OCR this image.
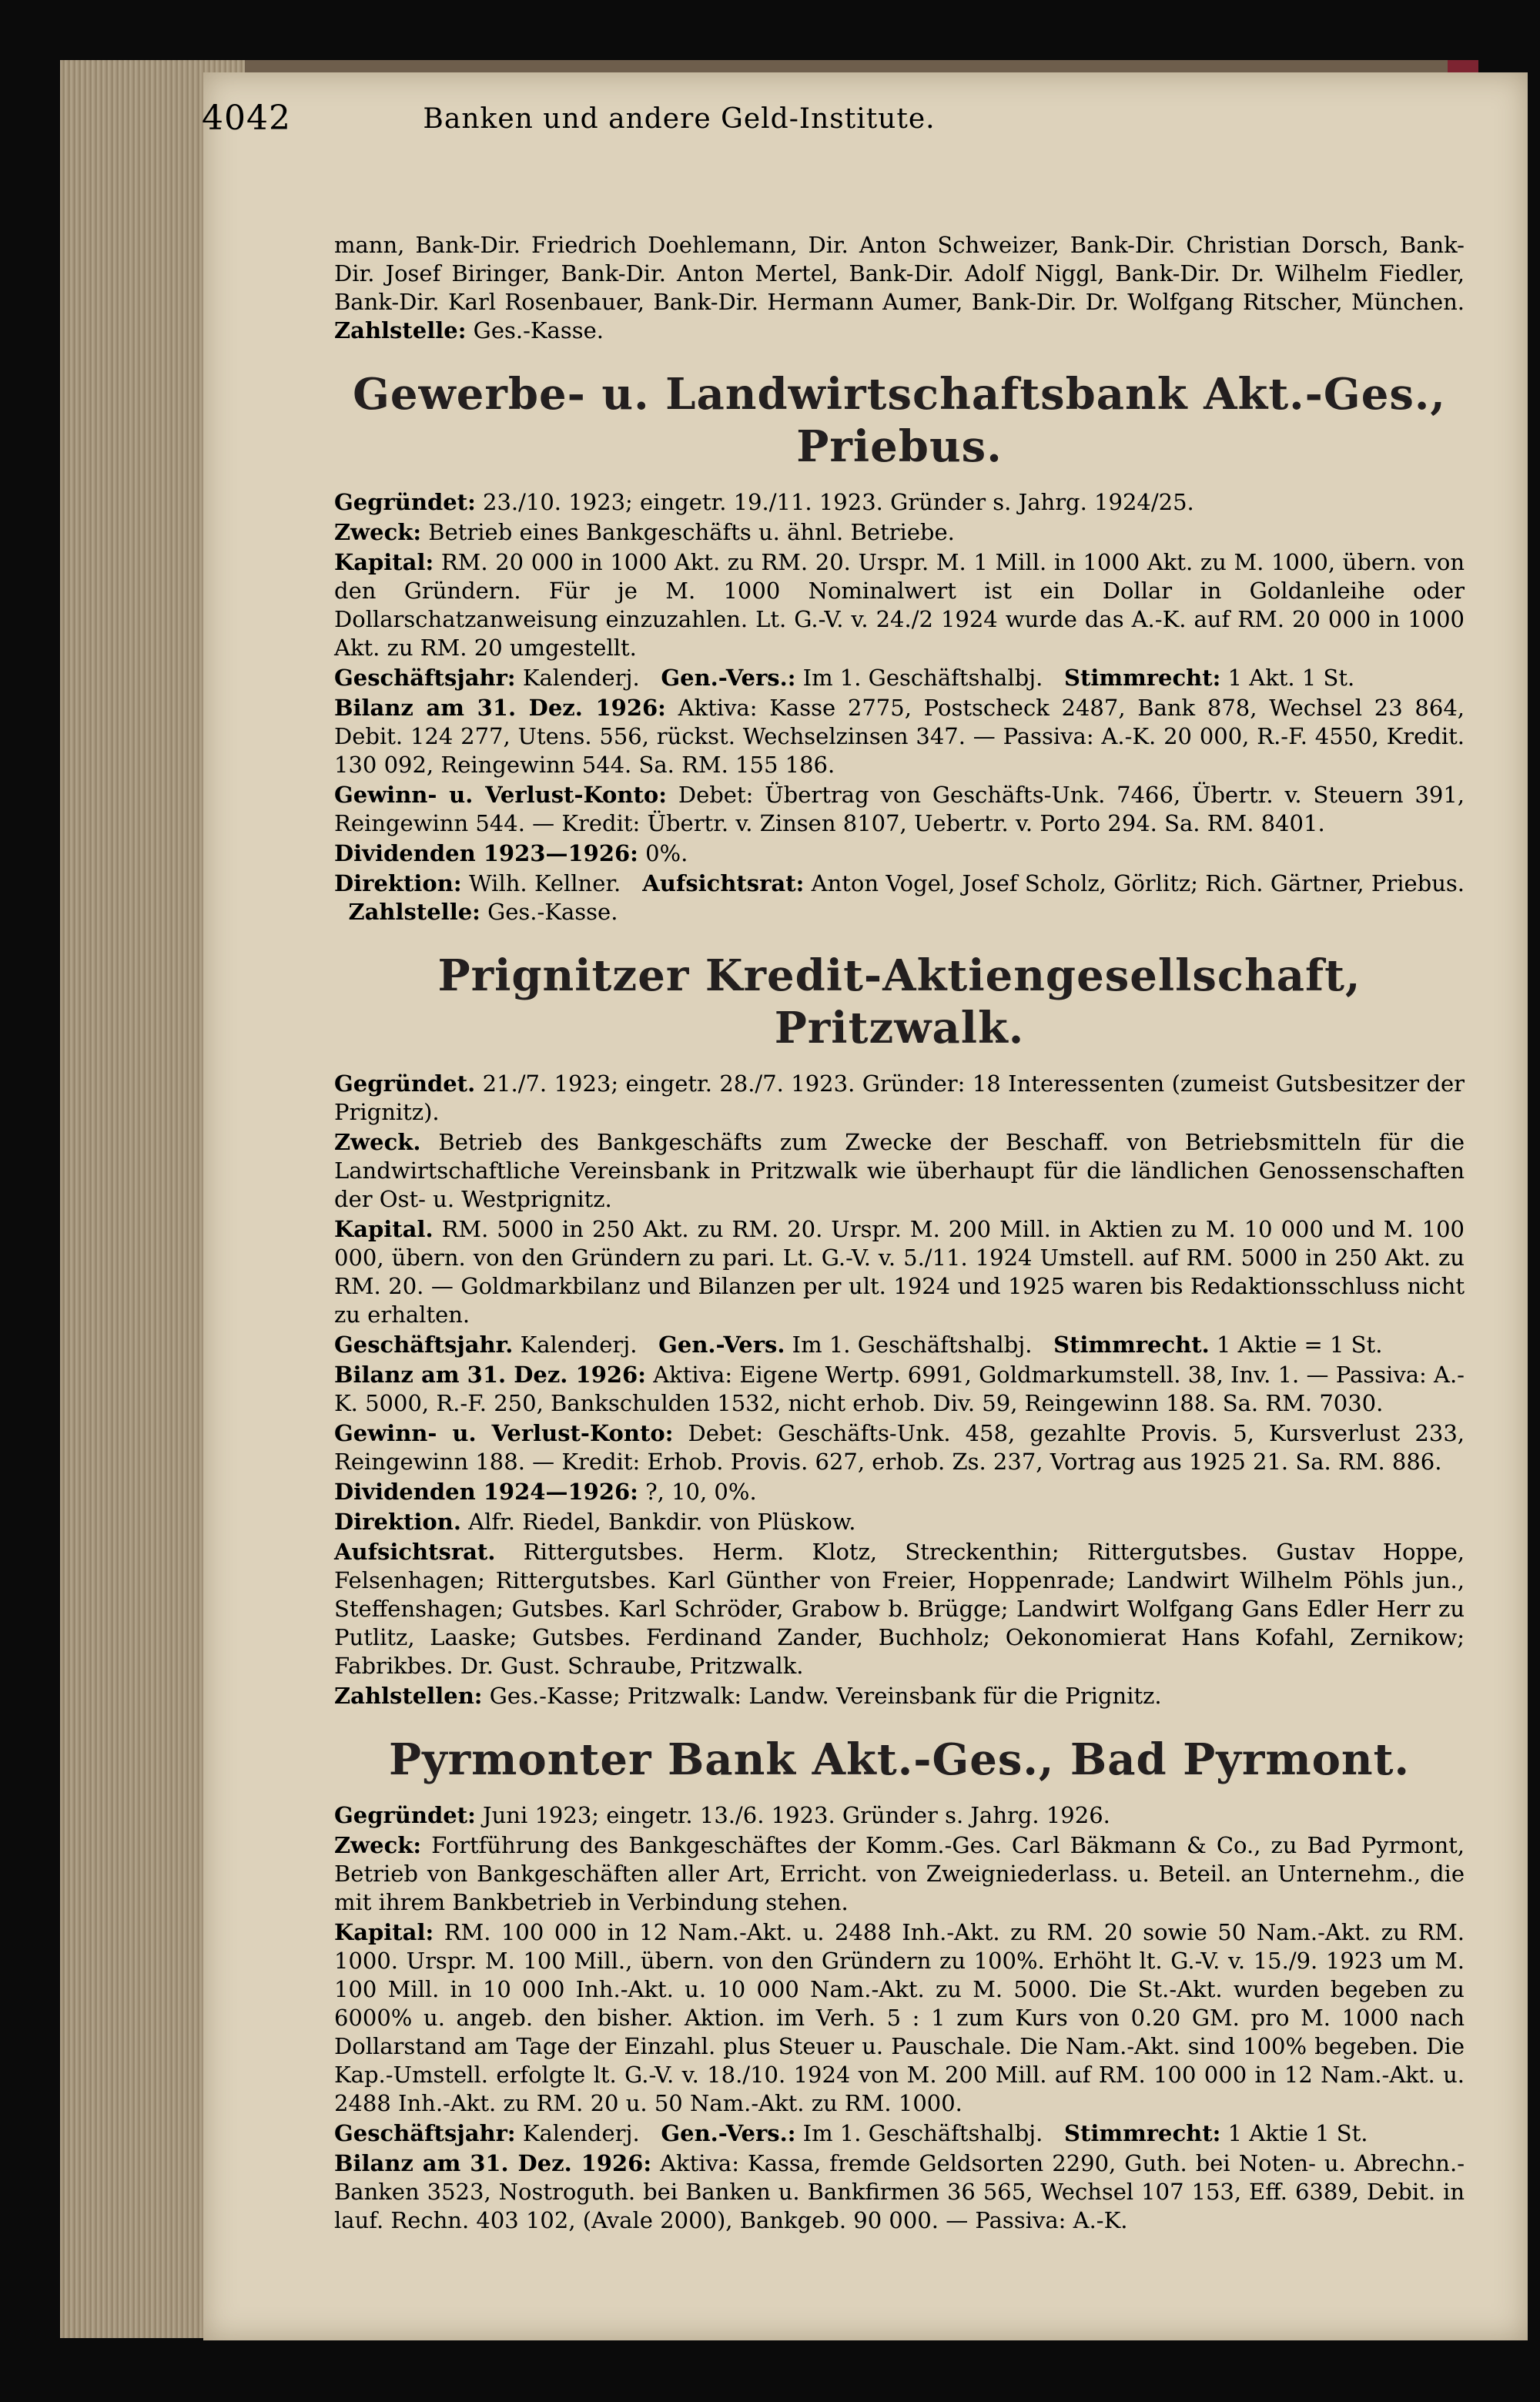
4042	Banken und andere Geld-Institute.

mann, Bank-Dir. Friedrich Doehlemann, Dir. Anton Schweizer, Bank-Dir. Christian Dorsch, Bank-Dir. Josef Biringer, Bank-Dir. Anton Mertel, Bank-Dir. Adolf Niggl, Bank-Dir. Dr. Wilhelm Fiedler, Bank-Dir. Karl Rosenbauer, Bank-Dir. Hermann Aumer, Bank-Dir. Dr. Wolfgang Ritscher, München. Zahlstelle: Ges.-Kasse.

Gewerbe- u. Landwirtschaftsbank Akt.-Ges., Priebus.

Gegründet: 23./10. 1923; eingetr. 19./11. 1923. Gründer s. Jahrg. 1924/25.

Zweck: Betrieb eines Bankgeschäfts u. ähnl. Betriebe.

Kapital: RM. 20 000 in 1000 Akt. zu RM. 20. Urspr. M. 1 Mill. in 1000 Akt. zu M. 1000, übern. von den Gründern. Für je M. 1000 Nominalwert ist ein Dollar in Goldanleihe oder Dollarschatzanweisung einzuzahlen. Lt. G.-V. v. 24./2 1924 wurde das A.-K. auf RM. 20 000 in 1000 Akt. zu RM. 20 umgestellt.

Geschäftsjahr: Kalenderj. Gen.-Vers.: Im 1. Geschäftshalbj. Stimmrecht: 1 Akt. 1 St.

Bilanz am 31. Dez. 1926: Aktiva: Kasse 2775, Postscheck 2487, Bank 878, Wechsel 23 864, Debit. 124 277, Utens. 556, rückst. Wechselzinsen 347. — Passiva: A.-K. 20 000, R.-F. 4550, Kredit. 130 092, Reingewinn 544. Sa. RM. 155 186.

Gewinn- u. Verlust-Konto: Debet: Übertrag von Geschäfts-Unk. 7466, Übertr. v. Steuern 391, Reingewinn 544. — Kredit: Übertr. v. Zinsen 8107, Uebertr. v. Porto 294. Sa. RM. 8401.

Dividenden 1923—1926: 0%.

Direktion: Wilh. Kellner. Aufsichtsrat: Anton Vogel, Josef Scholz, Görlitz; Rich. Gärtner, Priebus.   Zahlstelle: Ges.-Kasse.

Prignitzer Kredit-Aktiengesellschaft, Pritzwalk.

Gegründet. 21./7. 1923; eingetr. 28./7. 1923. Gründer: 18 Interessenten (zumeist Gutsbesitzer der Prignitz).

Zweck. Betrieb des Bankgeschäfts zum Zwecke der Beschaff. von Betriebsmitteln für die Landwirtschaftliche Vereinsbank in Pritzwalk wie überhaupt für die ländlichen Genossenschaften der Ost- u. Westprignitz.

Kapital. RM. 5000 in 250 Akt. zu RM. 20. Urspr. M. 200 Mill. in Aktien zu M. 10 000 und M. 100 000, übern. von den Gründern zu pari. Lt. G.-V. v. 5./11. 1924 Umstell. auf RM. 5000 in 250 Akt. zu RM. 20. — Goldmarkbilanz und Bilanzen per ult. 1924 und 1925 waren bis Redaktionsschluss nicht zu erhalten.

Geschäftsjahr. Kalenderj. Gen.-Vers. Im 1. Geschäftshalbj. Stimmrecht. 1 Aktie = 1 St.

Bilanz am 31. Dez. 1926: Aktiva: Eigene Wertp. 6991, Goldmarkumstell. 38, Inv. 1. — Passiva: A.-K. 5000, R.-F. 250, Bankschulden 1532, nicht erhob. Div. 59, Reingewinn 188. Sa. RM. 7030.

Gewinn- u. Verlust-Konto: Debet: Geschäfts-Unk. 458, gezahlte Provis. 5, Kursverlust 233, Reingewinn 188. — Kredit: Erhob. Provis. 627, erhob. Zs. 237, Vortrag aus 1925 21. Sa. RM. 886.

Dividenden 1924—1926: ?, 10, 0%.

Direktion. Alfr. Riedel, Bankdir. von Plüskow.

Aufsichtsrat. Rittergutsbes. Herm. Klotz, Streckenthin; Rittergutsbes. Gustav Hoppe, Felsenhagen; Rittergutsbes. Karl Günther von Freier, Hoppenrade; Landwirt Wilhelm Pöhls jun., Steffenshagen; Gutsbes. Karl Schröder, Grabow b. Brügge; Landwirt Wolfgang Gans Edler Herr zu Putlitz, Laaske; Gutsbes. Ferdinand Zander, Buchholz; Oekonomierat Hans Kofahl, Zernikow; Fabrikbes. Dr. Gust. Schraube, Pritzwalk.

Zahlstellen: Ges.-Kasse; Pritzwalk: Landw. Vereinsbank für die Prignitz.

Pyrmonter Bank Akt.-Ges., Bad Pyrmont.

Gegründet: Juni 1923; eingetr. 13./6. 1923. Gründer s. Jahrg. 1926.

Zweck: Fortführung des Bankgeschäftes der Komm.-Ges. Carl Bäkmann & Co., zu Bad Pyrmont, Betrieb von Bankgeschäften aller Art, Erricht. von Zweigniederlass. u. Beteil. an Unternehm., die mit ihrem Bankbetrieb in Verbindung stehen.

Kapital: RM. 100 000 in 12 Nam.-Akt. u. 2488 Inh.-Akt. zu RM. 20 sowie 50 Nam.-Akt. zu RM. 1000. Urspr. M. 100 Mill., übern. von den Gründern zu 100%. Erhöht lt. G.-V. v. 15./9. 1923 um M. 100 Mill. in 10 000 Inh.-Akt. u. 10 000 Nam.-Akt. zu M. 5000. Die St.-Akt. wurden begeben zu 6000% u. angeb. den bisher. Aktion. im Verh. 5 : 1 zum Kurs von 0.20 GM. pro M. 1000 nach Dollarstand am Tage der Einzahl. plus Steuer u. Pauschale. Die Nam.-Akt. sind 100% begeben. Die Kap.-Umstell. erfolgte lt. G.-V. v. 18./10. 1924 von M. 200 Mill. auf RM. 100 000 in 12 Nam.-Akt. u. 2488 Inh.-Akt. zu RM. 20 u. 50 Nam.-Akt. zu RM. 1000.

Geschäftsjahr: Kalenderj. Gen.-Vers.: Im 1. Geschäftshalbj. Stimmrecht: 1 Aktie 1 St.

Bilanz am 31. Dez. 1926: Aktiva: Kassa, fremde Geldsorten 2290, Guth. bei Noten- u. Abrechn.-Banken 3523, Nostroguth. bei Banken u. Bankfirmen 36 565, Wechsel 107 153, Eff. 6389, Debit. in lauf. Rechn. 403 102, (Avale 2000), Bankgeb. 90 000. — Passiva: A.-K.
